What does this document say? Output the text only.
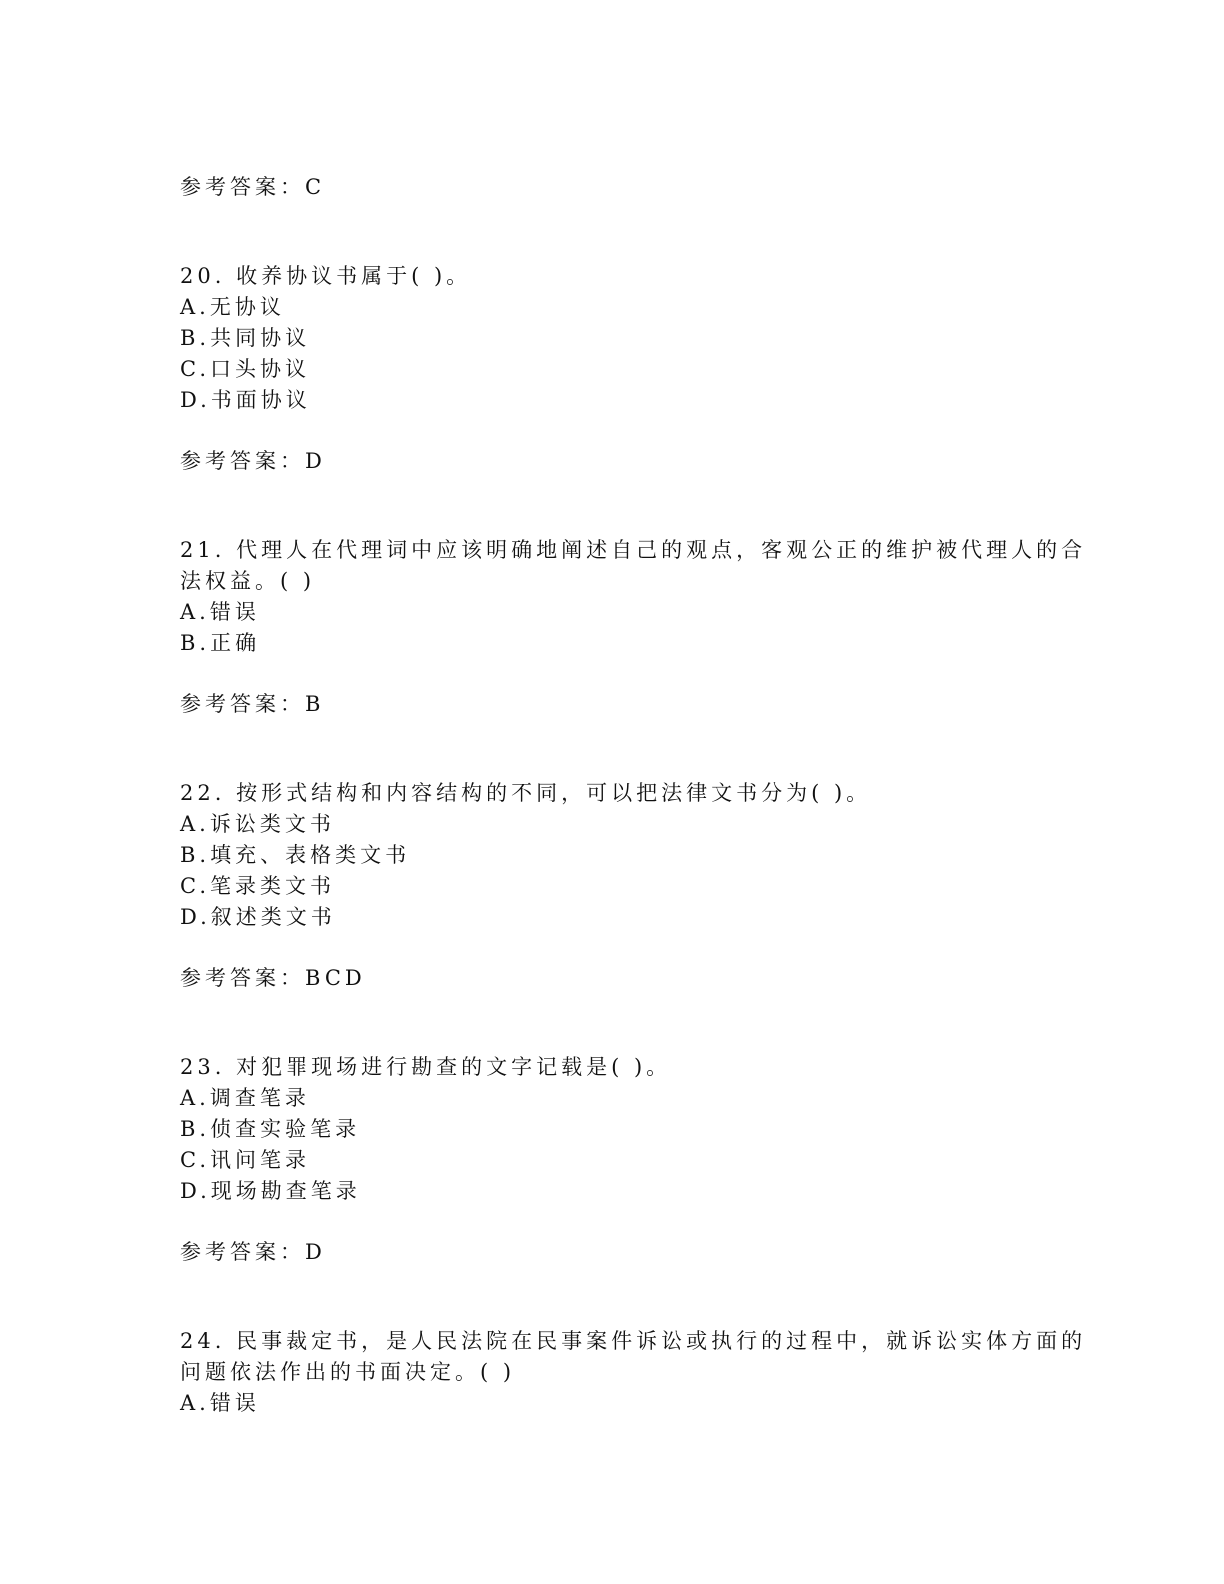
参考答案：C
20. 收养协议书属于( )。
A.无协议
B.共同协议
C.口头协议
D.书面协议
参考答案：D
21. 代理人在代理词中应该明确地阐述自己的观点，客观公正的维护被代理人的合
法权益。( )
A.错误
B.正确
参考答案：B
22. 按形式结构和内容结构的不同，可以把法律文书分为( )。
A.诉讼类文书
B.填充、表格类文书
C.笔录类文书
D.叙述类文书
参考答案：BCD
23. 对犯罪现场进行勘查的文字记载是( )。
A.调查笔录
B.侦查实验笔录
C.讯问笔录
D.现场勘查笔录
参考答案：D
24. 民事裁定书，是人民法院在民事案件诉讼或执行的过程中，就诉讼实体方面的
问题依法作出的书面决定。( )
A.错误
